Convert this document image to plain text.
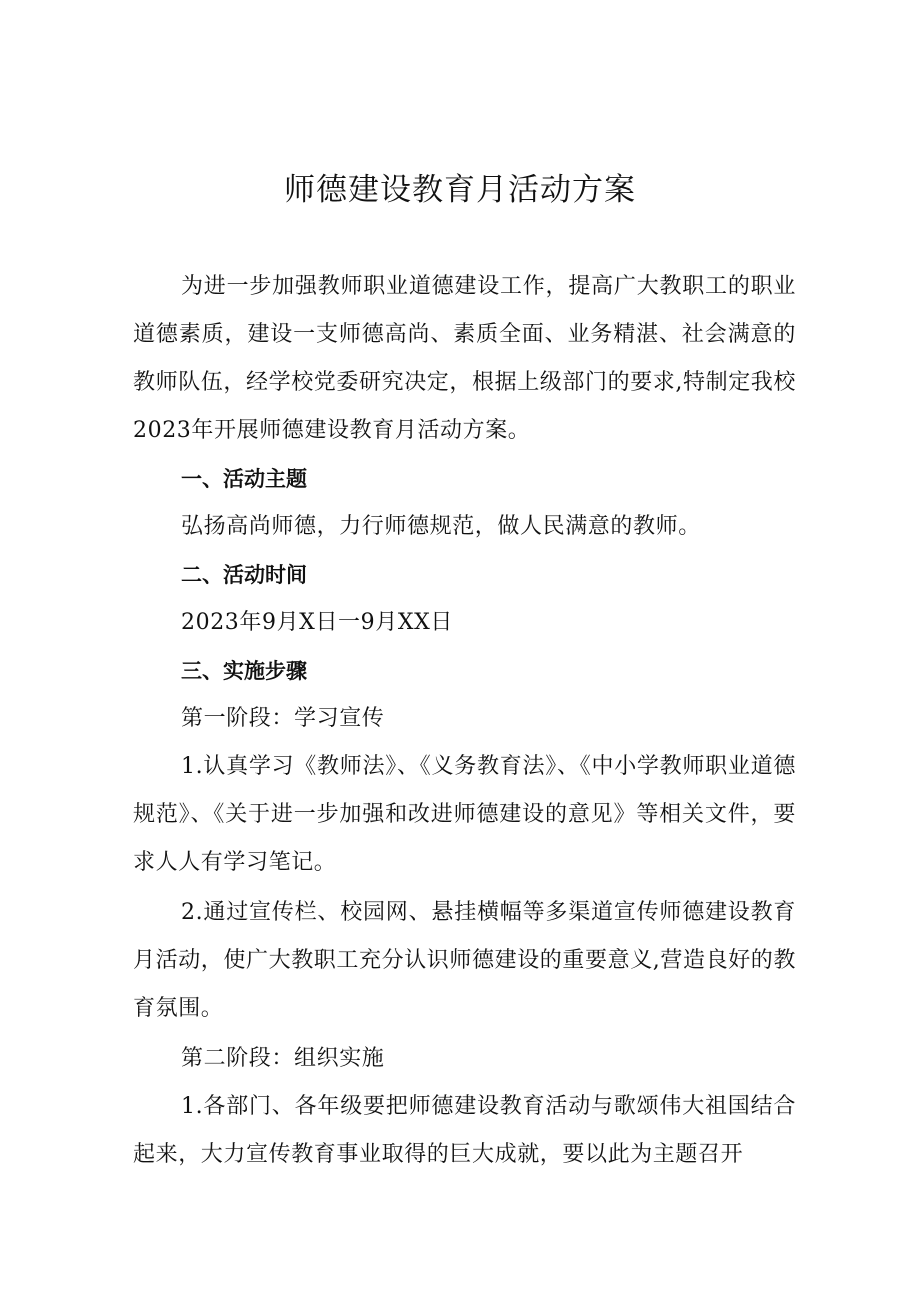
师德建设教育月活动方案

为进一步加强教师职业道德建设工作，提高广大教职工的职业道德素质，建设一支师德高尚、素质全面、业务精湛、社会满意的教师队伍，经学校党委研究决定，根据上级部门的要求,特制定我校2023年开展师德建设教育月活动方案。

一、活动主题

弘扬高尚师德，力行师德规范，做人民满意的教师。

二、活动时间

2023年9月X日一9月XX日

三、实施步骤

第一阶段：学习宣传

1.认真学习《教师法》、《义务教育法》、《中小学教师职业道德规范》、《关于进一步加强和改进师德建设的意见》等相关文件，要求人人有学习笔记。

2.通过宣传栏、校园网、悬挂横幅等多渠道宣传师德建设教育月活动，使广大教职工充分认识师德建设的重要意义,营造良好的教育氛围。

第二阶段：组织实施

1.各部门、各年级要把师德建设教育活动与歌颂伟大祖国结合起来，大力宣传教育事业取得的巨大成就，要以此为主题召开
